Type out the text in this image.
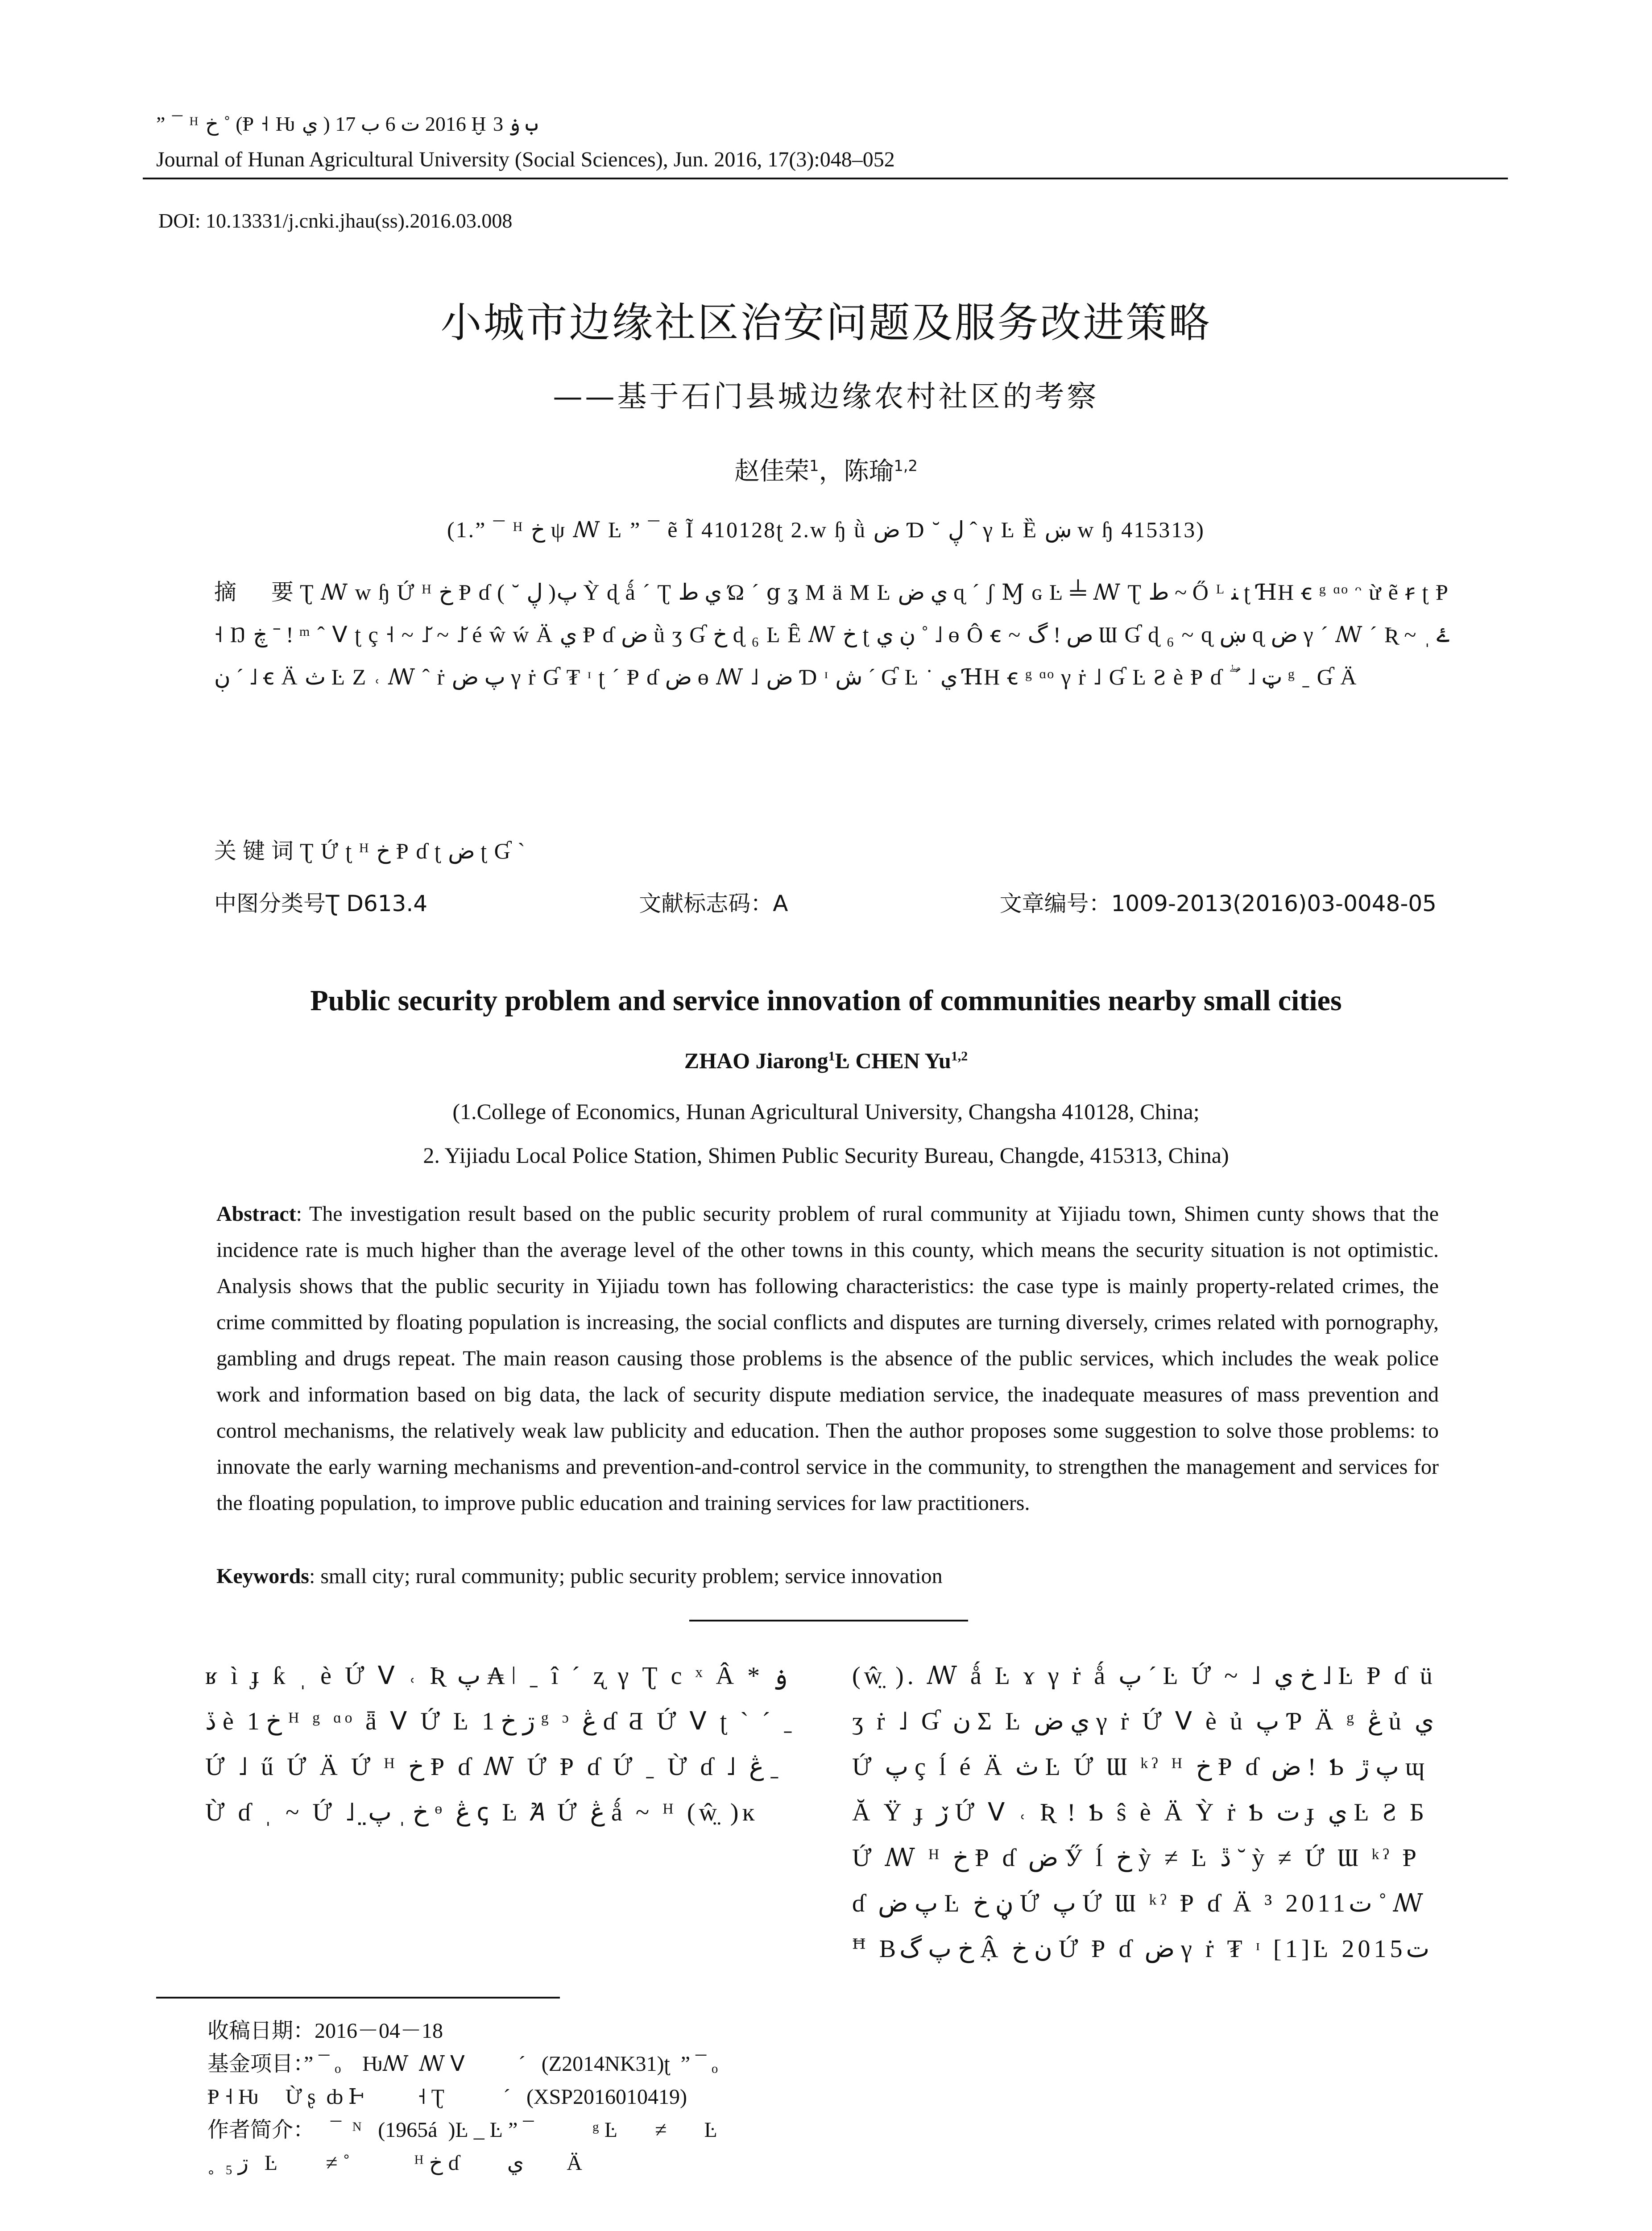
” ¯ ᴴ خ ˚ (Ᵽ ˧ Ƕ ي ) 2016 ت 6 ب 17 Ḫ ب ۏ 3
Journal of Hunan Agricultural University (Social Sciences), Jun. 2016, 17(3):048–052
DOI: 10.13331/j.cnki.jhau(ss).2016.03.008
小城市边缘社区治安问题及服务改进策略
——基于石门县城边缘农村社区的考察
赵佳荣$^1$，陈瑜$^{1,2}$
(1.” ¯ ᴴ خ ψ ꟿ Ŀ ” ¯ ẽ Ĩ 410128ʈ 2.w ɧ ǜ ض Ɗ ˘ ڸ ˆ γ Ŀ Ȅ ښ w ɧ 415313)
摘　要Ʈ ꟿ w ɧ Ứ ᴴ خ Ᵽ ɗ ( ˘ ڸ )پ Ỳ ɖ ǻ ˊ Ʈ ي ط Ώ ˊ ց ʓ M ä M Ŀ ي ض ɋ ˊ ʃ Ɱ ɢ Ŀ ╧ ꟿ Ʈ ط ~ Ő ᴸ ﻨ ʈ ꞪH ꞓ ᵍ ᵅᵒ ᵔ ừ ẽ ꞧ ʈ Ᵽ ˧ Ŋ ڿ ˉ ! ᵐ ˆ ᐯ ʈ ç ˧ ~ ˩̆ ~ ˩̆ é ŵ ẃ Ä ي Ᵽ ɗ ض ǜ ʒ Ɠ خ ɖ ₆ Ŀ Ȇ ꟿ خ ʈ ڹ ي ˚ ˩ ɵ Ô ꞓ ~ ص ! گ Ɯ Ɠ ɖ ₆ ~ ɋ ښ ɋ ض γ ˊ ꟿ ˊ Ʀ ~ ۓ ˌ ˩ ˊ ڹ ꞓ Ä ث Ŀ Z ˓ ꟿ ˆ ṙ پ ض γ ṙ Ɠ ₮ ᶦ ʈ ˊ Ᵽ ɗ ض ɵ ꟿ ˩ ض Ɗ ᶦ ش ˊ Ɠ Ŀ ˙ ي ꞪH ꞓ ᵍ ᵅᵒ γ ṙ ˩ Ɠ Ŀ Ƨ è Ᵽ ɗ ۖ ˊ ˩ ټ ᵍ ˍ Ɠ Ä
关键词Ʈ Ứ ʈ ᴴ خ Ᵽ ɗ ʈ ض ʈ Ɠ ˋ
中图分类号Ʈ D613.4	文献标志码：A	文章编号：1009-2013(2016)03-0048-05
Public security problem and service innovation of communities nearby small cities
ZHAO Jiarong$^1$Ŀ CHEN Yu$^{1,2}$
(1.College of Economics, Hunan Agricultural University, Changsha 410128, China;
2. Yijiadu Local Police Station, Shimen Public Security Bureau, Changde, 415313, China)
Abstract: The investigation result based on the public security problem of rural community at Yijiadu town, Shimen cunty shows that the incidence rate is much higher than the average level of the other towns in this county, which means the security situation is not optimistic. Analysis shows that the public security in Yijiadu town has following characteristics: the case type is mainly property-related crimes, the crime committed by floating population is increasing, the social conflicts and disputes are turning diversely, crimes related with pornography, gambling and drugs repeat. The main reason causing those problems is the absence of the public services, which includes the weak police work and information based on big data, the lack of security dispute mediation service, the inadequate measures of mass prevention and control mechanisms, the relatively weak law publicity and education. Then the author proposes some suggestion to solve those problems: to innovate the early warning mechanisms and prevention-and-control service in the community, to strengthen the management and services for the floating population, to improve public education and training services for law practitioners.
Keywords: small city; rural community; public security problem; service innovation
ʁ ì ɟ ƙ ˌ è Ứ ᐯ ˓ Ʀ پ ₳ ǀ ˍ î ˊ ʐ γ Ʈ c ˣ Â * ۏ ڏ è خ 1 ᴴ ᵍ ᵅᵒ ǟ ᐯ Ứ Ŀ ڗ خ 1 ᵍ ᵓ ڠ ɗ Ƌ Ứ ᐯ ʈ ˋ ˊ ˍ Ứ ˩ ű Ứ Ä Ứ ᴴ خ Ᵽ ɗ ꟿ Ứ Ᵽ ɗ Ứ ˍ Ừ ɗ ˩ ڠ ˍ Ừ ɗ ˌ ~ Ứ ˩ خ ˌ پ̤ ᶱ ڠ ꞔ Ŀ Ꞻ Ứ ڠ ǻ ~ ᴴ (ŵ̤ )ĸ
(ŵ̤ ). ꟿ ǻ Ŀ ɤ γ ṙ ǻ پ ˊ Ŀ Ứ ~ ˩ خ ي ˩ Ŀ Ᵽ ɗ ü ʒ ṙ ˩ Ɠ ن Σ Ŀ ي ض γ ṙ Ứ ᐯ è ủ پ Ƥ Ä ᵍ ڠ ủ ي Ứ پ ç ĺ é Ä ث Ŀ Ứ Ɯ ᵏˀ ᴴ خ Ᵽ ɗ ض ǃ Ƅ پ ڙ ɰ Ă Ÿ ɟ ڒ Ứ ᐯ ˓ Ʀ ǃ Ƅ ŝ è Ä Ỳ ṙ Ƅ ت ɟ ي Ŀ Ƨ Ƃ Ứ ꟿ ᴴ خ Ᵽ ɗ ض Ӳ ĺ خ ỳ ≠ Ŀ ڐ ˘ ỳ ≠ Ứ Ɯ ᵏˀ Ᵽ ɗ پ ض Ŀ ڼ خ Ứ پ Ứ Ɯ ᵏˀ Ᵽ ɗ Ä ³ 2011ت ˚ ꟿ ꟸ Bخ پ گ Ậ ن خ Ứ Ᵽ ɗ ض γ ṙ ₮ ᶦ [1]Ŀ 2015ت
收稿日期：2016－04－18
基金项目：” ¯ ₒ    Ƕꟿ  ꟿ ᐯ          ˊ   (Z2014NK31)ʈ  ” ¯ ₒ
Ᵽ ˧ Ƕ     Ừ ʂ  ȸ Ͱ          ˧ Ʈ           ˊ   (XSP2016010419)
作者简介：   ¯  ᴺ   (1965á  )Ŀ _ Ŀ ” ¯           ᵍ Ŀ       ≠       Ŀ
˳  ڗ ₅   Ŀ         ≠ ˚            ᴴ خ ɗ         ي        Ä
